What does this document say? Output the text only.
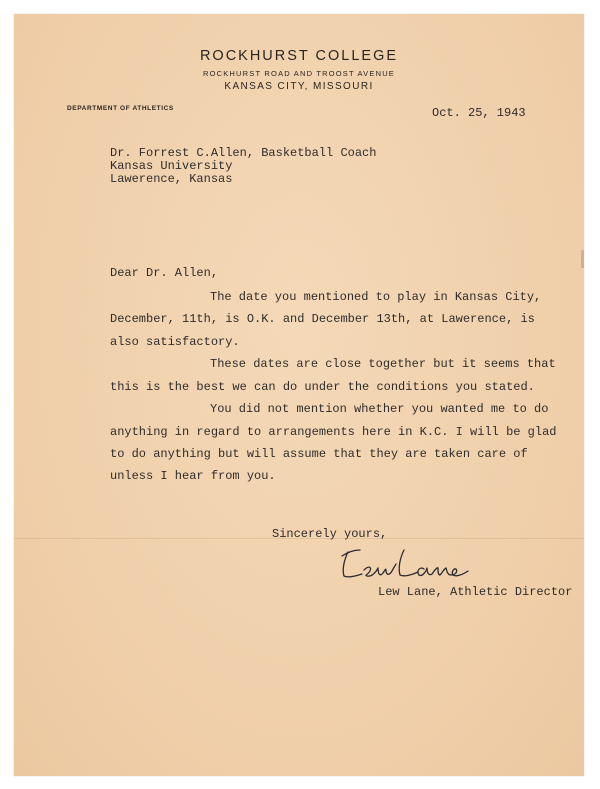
ROCKHURST COLLEGE
ROCKHURST ROAD AND TROOST AVENUE
KANSAS CITY, MISSOURI
DEPARTMENT OF ATHLETICS	Oct. 25, 1943
Dr. Forrest C.Allen, Basketball Coach
Kansas University
Lawerence, Kansas
Dear Dr. Allen,
The date you mentioned to play in Kansas City,
December, 11th, is O.K. and December 13th, at Lawerence, is
also satisfactory.
These dates are close together but it seems that
this is the best we can do under the conditions you stated.
You did not mention whether you wanted me to do
anything in regard to arrangements here in K.C. I will be glad
to do anything but will assume that they are taken care of
unless I hear from you.
Sincerely yours,
Lew Lane, Athletic Director
